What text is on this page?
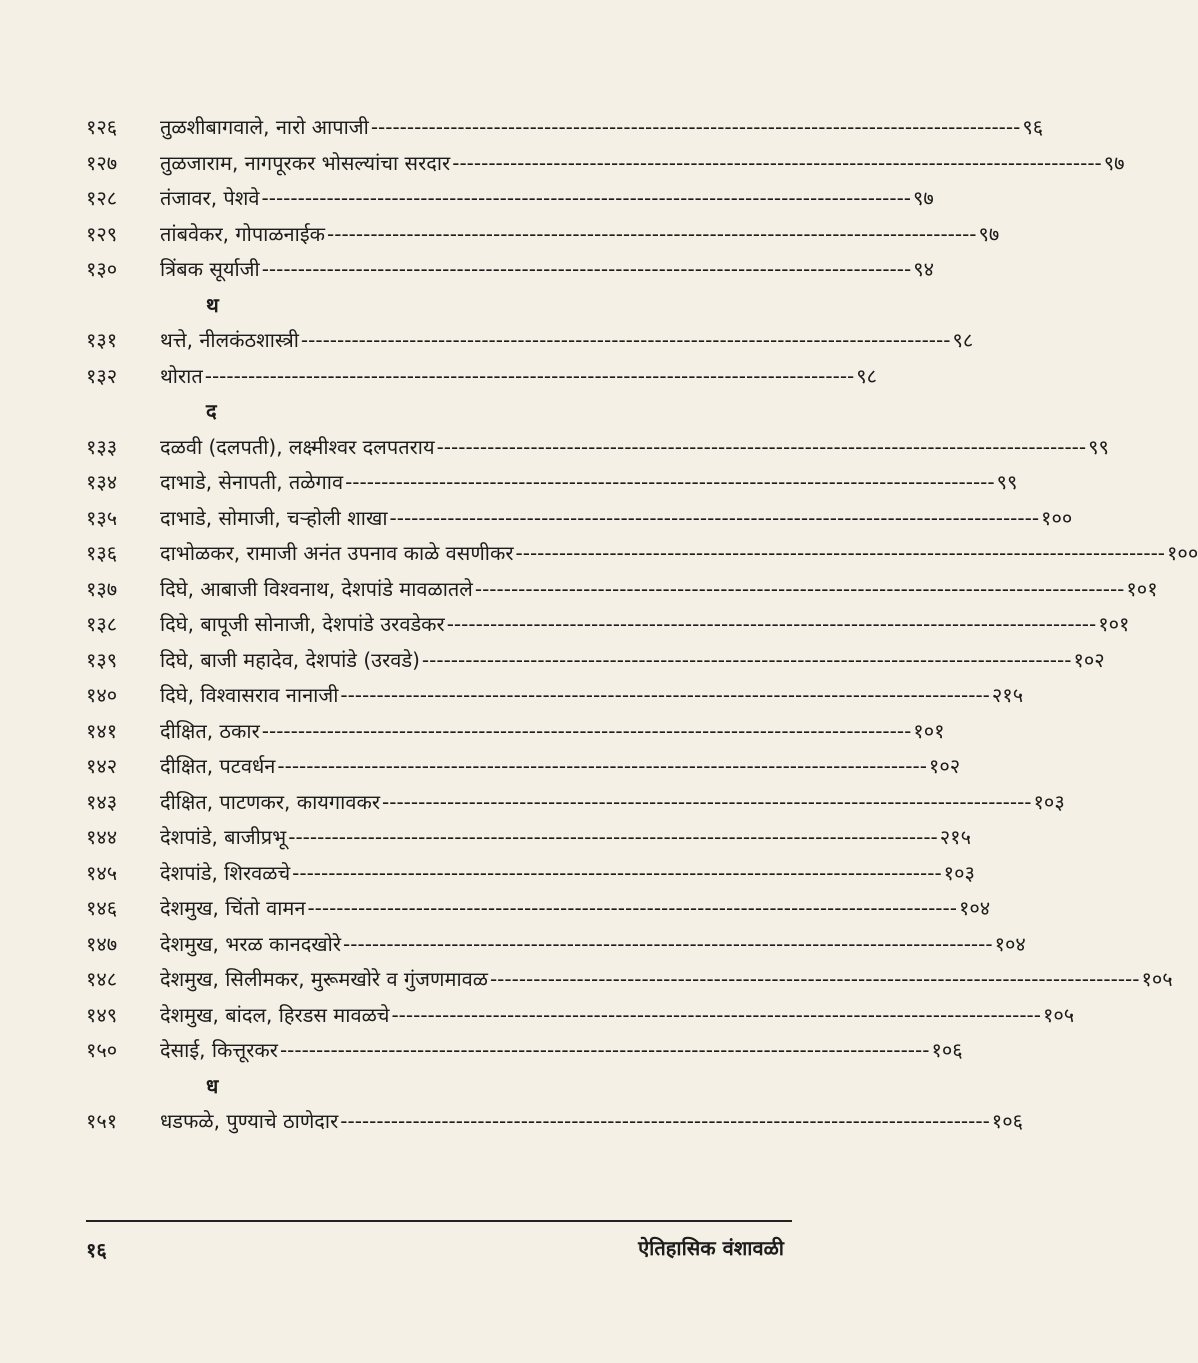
१२६	तुळशीबागवाले, नारो आपाजी ------------------------------------------------------------------------------------------ ९६
१२७	तुळजाराम, नागपूरकर भोसल्यांचा सरदार ------------------------------------------------------------------------------------------ ९७
१२८	तंजावर, पेशवे ------------------------------------------------------------------------------------------ ९७
१२९	तांबवेकर, गोपाळनाईक ------------------------------------------------------------------------------------------ ९७
१३०	त्रिंबक सूर्याजी ------------------------------------------------------------------------------------------ ९४
थ
१३१	थत्ते, नीलकंठशास्त्री ------------------------------------------------------------------------------------------ ९८
१३२	थोरात ------------------------------------------------------------------------------------------ ९८
द
१३३	दळवी (दलपती), लक्ष्मीश्वर दलपतराय ------------------------------------------------------------------------------------------ ९९
१३४	दाभाडे, सेनापती, तळेगाव ------------------------------------------------------------------------------------------ ९९
१३५	दाभाडे, सोमाजी, चऱ्होली शाखा ------------------------------------------------------------------------------------------ १००
१३६	दाभोळकर, रामाजी अनंत उपनाव काळे वसणीकर ------------------------------------------------------------------------------------------ १००
१३७	दिघे, आबाजी विश्वनाथ, देशपांडे मावळातले ------------------------------------------------------------------------------------------ १०१
१३८	दिघे, बापूजी सोनाजी, देशपांडे उरवडेकर ------------------------------------------------------------------------------------------ १०१
१३९	दिघे, बाजी महादेव, देशपांडे (उरवडे) ------------------------------------------------------------------------------------------ १०२
१४०	दिघे, विश्वासराव नानाजी ------------------------------------------------------------------------------------------ २१५
१४१	दीक्षित, ठकार ------------------------------------------------------------------------------------------ १०१
१४२	दीक्षित, पटवर्धन ------------------------------------------------------------------------------------------ १०२
१४३	दीक्षित, पाटणकर, कायगावकर ------------------------------------------------------------------------------------------ १०३
१४४	देशपांडे, बाजीप्रभू ------------------------------------------------------------------------------------------ २१५
१४५	देशपांडे, शिरवळचे ------------------------------------------------------------------------------------------ १०३
१४६	देशमुख, चिंतो वामन ------------------------------------------------------------------------------------------ १०४
१४७	देशमुख, भरळ कानदखोरे ------------------------------------------------------------------------------------------ १०४
१४८	देशमुख, सिलीमकर, मुरूमखोरे व गुंजणमावळ ------------------------------------------------------------------------------------------ १०५
१४९	देशमुख, बांदल, हिरडस मावळचे ------------------------------------------------------------------------------------------ १०५
१५०	देसाई, कित्तूरकर ------------------------------------------------------------------------------------------ १०६
ध
१५१	धडफळे, पुण्याचे ठाणेदार ------------------------------------------------------------------------------------------ १०६
१६	ऐतिहासिक वंशावळी
